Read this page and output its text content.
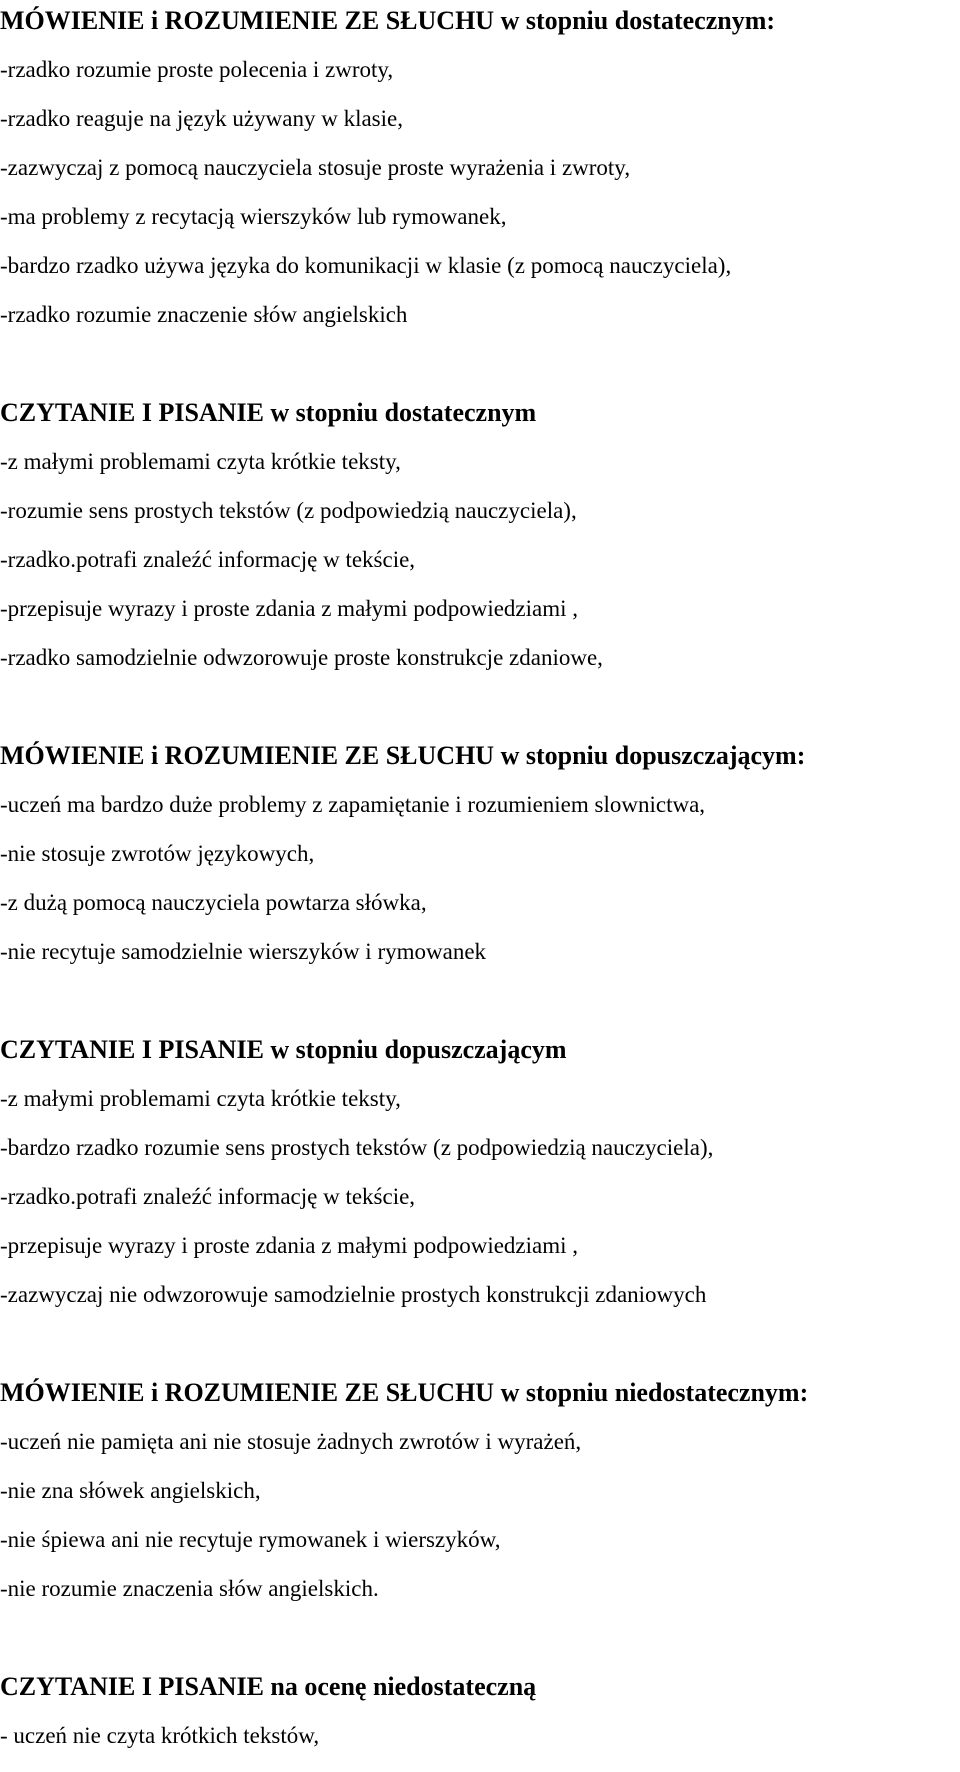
MÓWIENIE i ROZUMIENIE ZE SŁUCHU w stopniu dostatecznym:
-rzadko rozumie proste polecenia i zwroty,
-rzadko reaguje na język używany w klasie,
-zazwyczaj z pomocą nauczyciela stosuje proste wyrażenia i zwroty,
-ma problemy z recytacją wierszyków lub rymowanek,
-bardzo rzadko używa języka do komunikacji w klasie (z pomocą nauczyciela),
-rzadko rozumie znaczenie słów angielskich
CZYTANIE I PISANIE w stopniu dostatecznym
-z małymi problemami czyta krótkie teksty,
-rozumie sens prostych tekstów (z podpowiedzią nauczyciela),
-rzadko.potrafi znaleźć informację w tekście,
-przepisuje wyrazy i proste zdania z małymi podpowiedziami ,
-rzadko samodzielnie odwzorowuje proste konstrukcje zdaniowe,
MÓWIENIE i ROZUMIENIE ZE SŁUCHU w stopniu dopuszczającym:
-uczeń ma bardzo duże problemy z zapamiętanie i rozumieniem slownictwa,
-nie stosuje zwrotów językowych,
-z dużą pomocą nauczyciela powtarza słówka,
-nie recytuje samodzielnie wierszyków i rymowanek
CZYTANIE I PISANIE w stopniu dopuszczającym
-z małymi problemami czyta krótkie teksty,
-bardzo rzadko rozumie sens prostych tekstów (z podpowiedzią nauczyciela),
-rzadko.potrafi znaleźć informację w tekście,
-przepisuje wyrazy i proste zdania z małymi podpowiedziami ,
-zazwyczaj nie odwzorowuje samodzielnie prostych konstrukcji zdaniowych
MÓWIENIE i ROZUMIENIE ZE SŁUCHU w stopniu niedostatecznym:
-uczeń nie pamięta ani nie stosuje żadnych zwrotów i wyrażeń,
-nie zna słówek angielskich,
-nie śpiewa ani nie recytuje rymowanek i wierszyków,
-nie rozumie znaczenia słów angielskich.
CZYTANIE I PISANIE na ocenę niedostateczną
- uczeń nie czyta krótkich tekstów,
